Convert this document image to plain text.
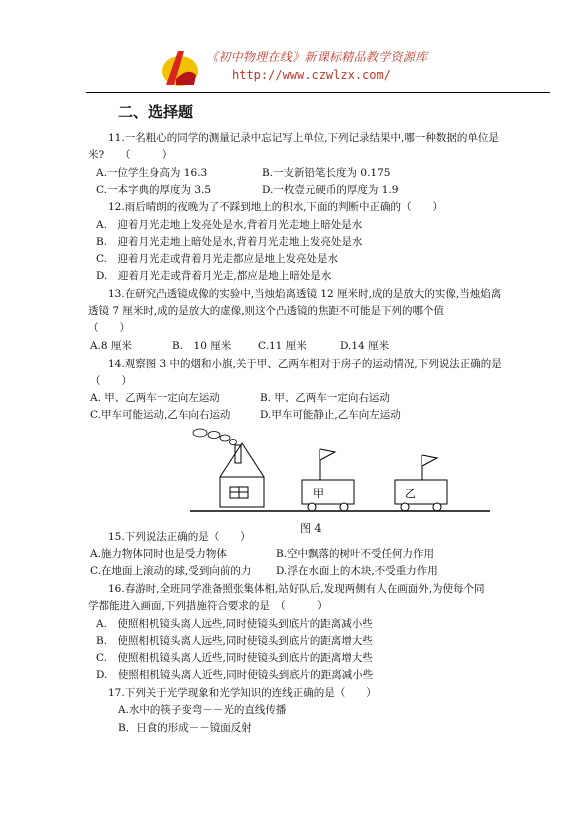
《初中物理在线》新课标精品教学资源库
http://www.czwlzx.com/
二、选择题
11.一名粗心的同学的测量记录中忘记写上单位,下列记录结果中,哪一种数据的单位是
米?　　（　　　）
A.一位学生身高为 16.3	B.一支新铅笔长度为 0.175
C.一本字典的厚度为 3.5	D.一枚壹元硬币的厚度为 1.9
12.雨后晴朗的夜晚为了不踩到地上的积水,下面的判断中正确的（　　）
A.　迎着月光走地上发亮处是水,背着月光走地上暗处是水
B.　迎着月光走地上暗处是水,背着月光走地上发亮处是水
C.　迎着月光走或背着月光走都应是地上发亮处是水
D.　迎着月光走或背着月光走,都应是地上暗处是水
13.在研究凸透镜成像的实验中,当烛焰离透镜 12 厘米时,成的是放大的实像,当烛焰离
透镜 7 厘米时,成的是放大的虚像,则这个凸透镜的焦距不可能是下列的哪个值
（　　）
A.8 厘米	B.　10 厘米	C.11 厘米	D.14 厘米
14.观察图 3 中的烟和小旗,关于甲、乙两车相对于房子的运动情况,下列说法正确的是
（　　）
A. 甲、乙两车一定向左运动	B. 甲、乙两车一定向右运动
C.甲车可能运动,乙车向右运动	D.甲车可能静止,乙车向左运动
甲	乙
图 4
15.下列说法正确的是（　　）
A.施力物体同时也是受力物体	B.空中飘落的树叶不受任何力作用
C.在地面上滚动的球,受到向前的力 D.浮在水面上的木块,不受重力作用
16.春游时,全班同学准备照张集体相,站好队后,发现两侧有人在画面外,为使每个同
学都能进入画面,下列措施符合要求的是　（　　　）
A.　使照相机镜头离人远些,同时使镜头到底片的距离减小些
B.　使照相机镜头离人远些,同时使镜头到底片的距离增大些
C.　使照相机镜头离人近些,同时使镜头到底片的距离增大些
D.　使照相机镜头离人近些,同时使镜头到底片的距离减小些
17.下列关于光学现象和光学知识的连线正确的是（　　）
A.水中的筷子变弯－－光的直线传播
B．日食的形成－－镜面反射
